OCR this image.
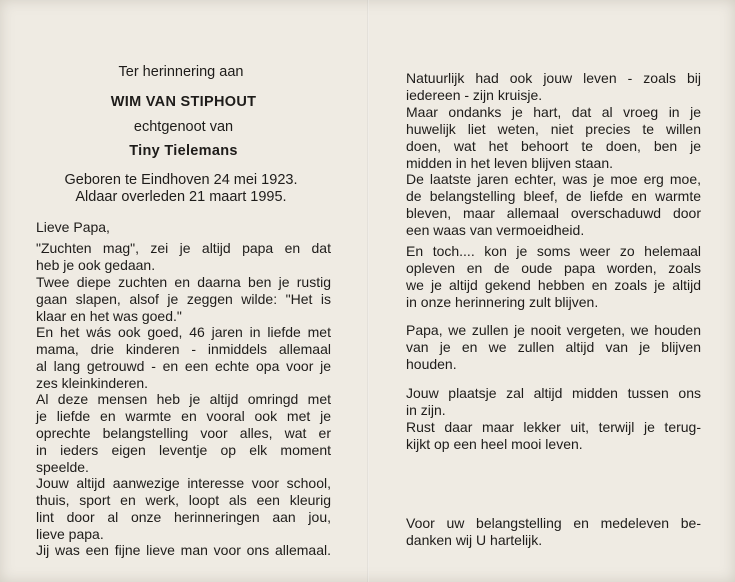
Ter herinnering aan
WIM VAN STIPHOUT
echtgenoot van
Tiny Tielemans
Geboren te Eindhoven 24 mei 1923.
Aldaar overleden 21 maart 1995.
Lieve Papa,
"Zuchten mag", zei je altijd papa en dat
heb je ook gedaan.
Twee diepe zuchten en daarna ben je rustig
gaan slapen, alsof je zeggen wilde: "Het is
klaar en het was goed."
En het wás ook goed, 46 jaren in liefde met
mama, drie kinderen - inmiddels allemaal
al lang getrouwd - en een echte opa voor je
zes kleinkinderen.
Al deze mensen heb je altijd omringd met
je liefde en warmte en vooral ook met je
oprechte belangstelling voor alles, wat er
in ieders eigen leventje op elk moment
speelde.
Jouw altijd aanwezige interesse voor school,
thuis, sport en werk, loopt als een kleurig
lint door al onze herinneringen aan jou,
lieve papa.
Jij was een fijne lieve man voor ons allemaal.
Natuurlijk had ook jouw leven - zoals bij
iedereen - zijn kruisje.
Maar ondanks je hart, dat al vroeg in je
huwelijk liet weten, niet precies te willen
doen, wat het behoort te doen, ben je
midden in het leven blijven staan.
De laatste jaren echter, was je moe erg moe,
de belangstelling bleef, de liefde en warmte
bleven, maar allemaal overschaduwd door
een waas van vermoeidheid.
En toch.... kon je soms weer zo helemaal
opleven en de oude papa worden, zoals
we je altijd gekend hebben en zoals je altijd
in onze herinnering zult blijven.
Papa, we zullen je nooit vergeten, we houden
van je en we zullen altijd van je blijven
houden.
Jouw plaatsje zal altijd midden tussen ons
in zijn.
Rust daar maar lekker uit, terwijl je terug-
kijkt op een heel mooi leven.
Voor uw belangstelling en medeleven be-
danken wij U hartelijk.
